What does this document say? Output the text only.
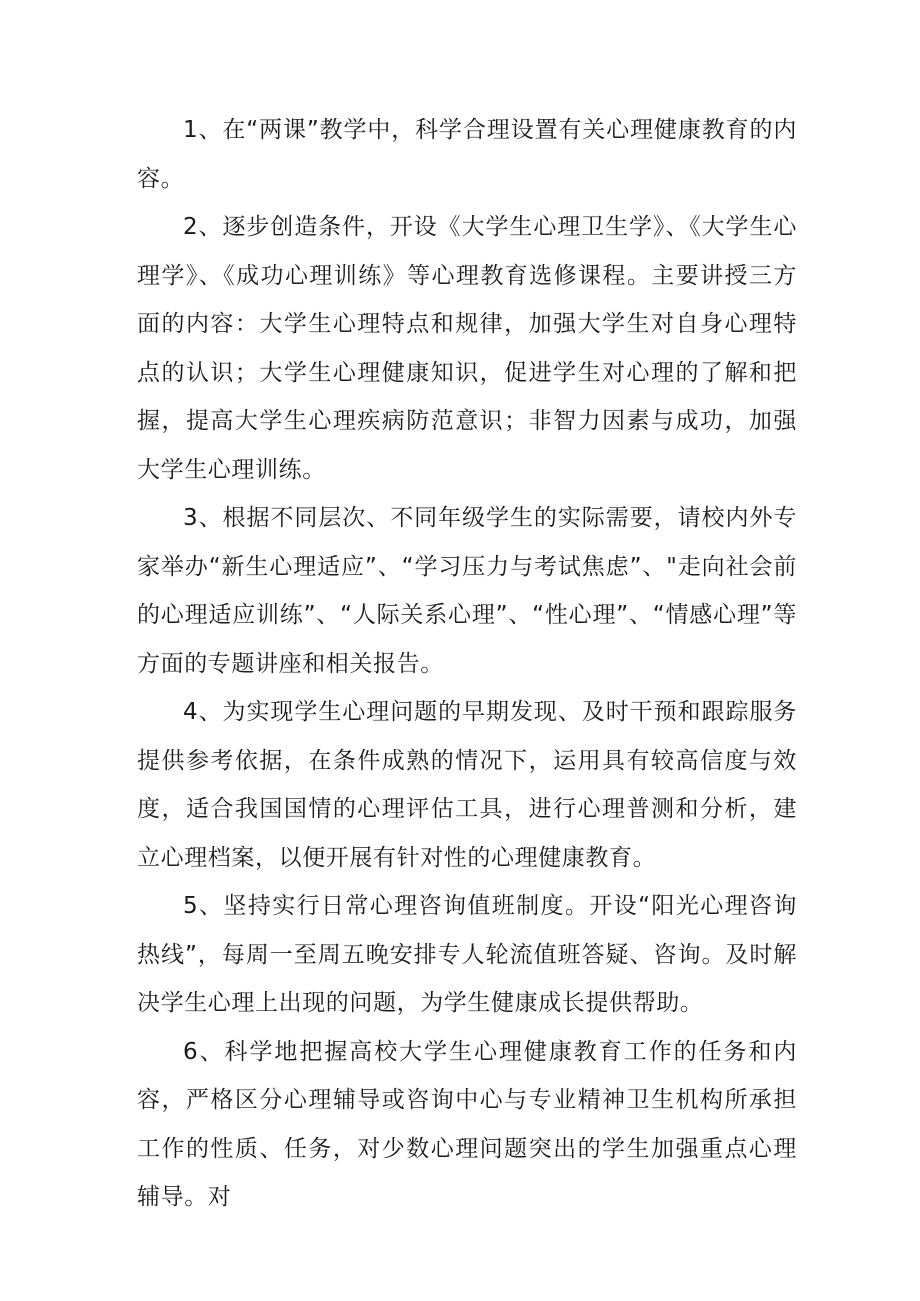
1、在“两课”教学中，科学合理设置有关心理健康教育的内容。

2、逐步创造条件，开设《大学生心理卫生学》、《大学生心理学》、《成功心理训练》等心理教育选修课程。主要讲授三方面的内容：大学生心理特点和规律，加强大学生对自身心理特点的认识；大学生心理健康知识，促进学生对心理的了解和把握，提高大学生心理疾病防范意识；非智力因素与成功，加强大学生心理训练。

3、根据不同层次、不同年级学生的实际需要，请校内外专家举办“新生心理适应”、“学习压力与考试焦虑”、"走向社会前的心理适应训练”、“人际关系心理”、“性心理”、“情感心理”等方面的专题讲座和相关报告。

4、为实现学生心理问题的早期发现、及时干预和跟踪服务提供参考依据，在条件成熟的情况下，运用具有较高信度与效度，适合我国国情的心理评估工具，进行心理普测和分析，建立心理档案，以便开展有针对性的心理健康教育。

5、坚持实行日常心理咨询值班制度。开设“阳光心理咨询热线”，每周一至周五晚安排专人轮流值班答疑、咨询。及时解决学生心理上出现的问题，为学生健康成长提供帮助。

6、科学地把握高校大学生心理健康教育工作的任务和内容，严格区分心理辅导或咨询中心与专业精神卫生机构所承担工作的性质、任务，对少数心理问题突出的学生加强重点心理辅导。对
